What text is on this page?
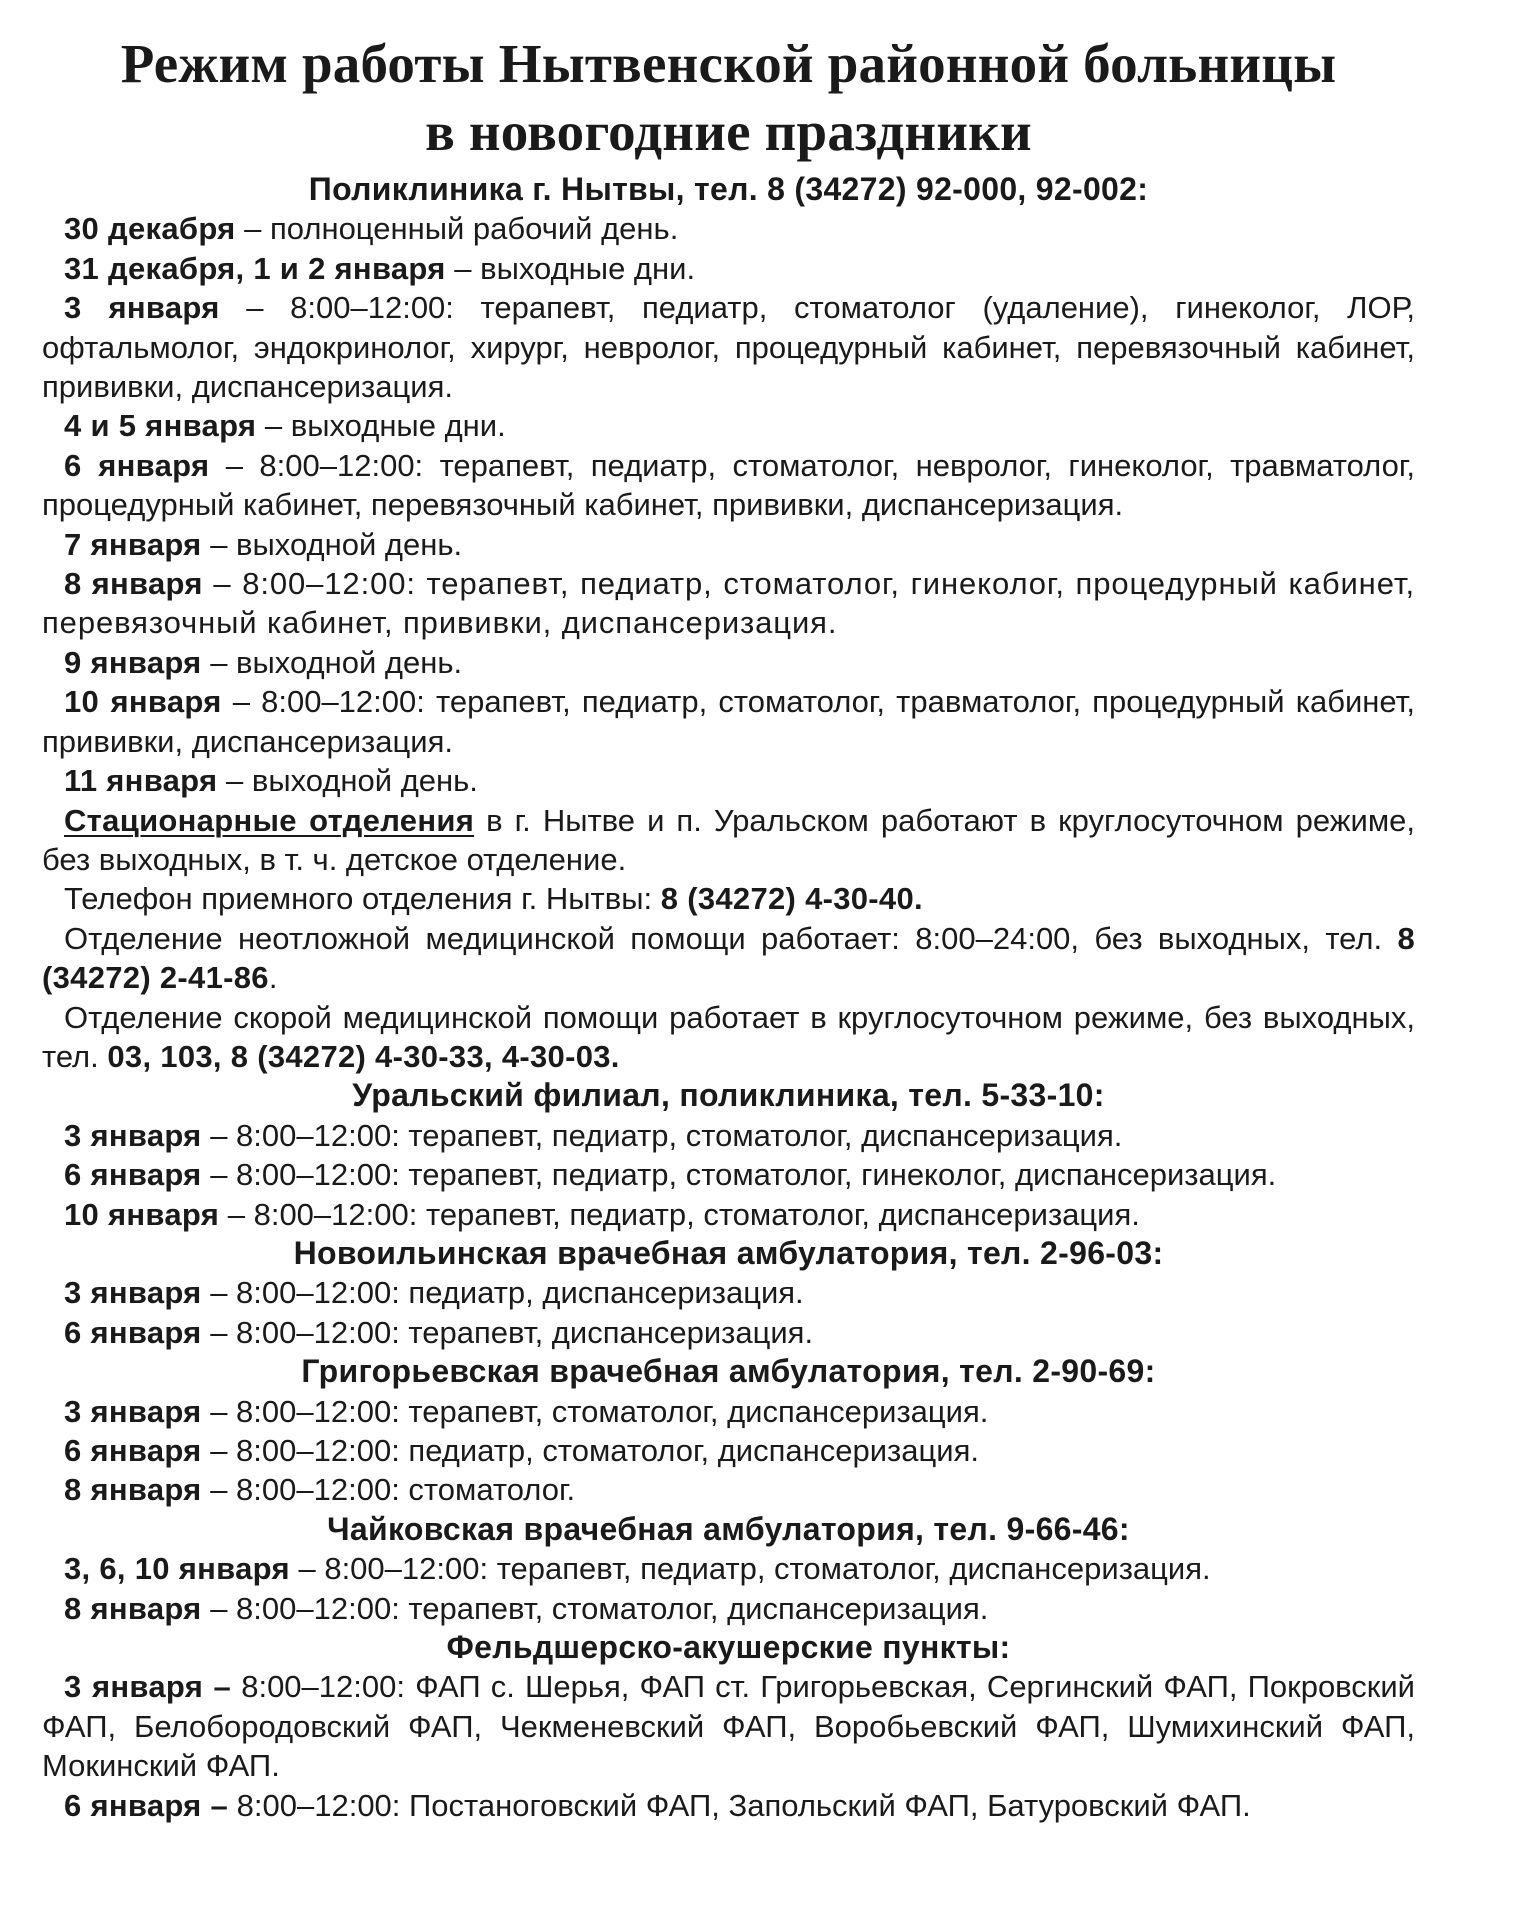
Режим работы Нытвенской районной больницы
в новогодние праздники
Поликлиника г. Нытвы, тел. 8 (34272) 92-000, 92-002:

30 декабря – полноценный рабочий день.

31 декабря, 1 и 2 января – выходные дни.

3 января – 8:00–12:00: терапевт, педиатр, стоматолог (удаление), гинеколог, ЛОР, офтальмолог, эндокринолог, хирург, невролог, процедурный кабинет, перевязочный кабинет, прививки, диспансеризация.

4 и 5 января – выходные дни.

6 января – 8:00–12:00: терапевт, педиатр, стоматолог, невролог, гинеколог, травматолог, процедурный кабинет, перевязочный кабинет, прививки, диспансеризация.

7 января – выходной день.

8 января – 8:00–12:00: терапевт, педиатр, стоматолог, гинеколог, процедурный кабинет, перевязочный кабинет, прививки, диспансеризация.

9 января – выходной день.

10 января – 8:00–12:00: терапевт, педиатр, стоматолог, травматолог, процедурный кабинет, прививки, диспансеризация.

11 января – выходной день.

Стационарные отделения в г. Нытве и п. Уральском работают в круглосуточном режиме, без выходных, в т. ч. детское отделение.

Телефон приемного отделения г. Нытвы: 8 (34272) 4-30-40.

Отделение неотложной медицинской помощи работает: 8:00–24:00, без выходных, тел. 8 (34272) 2-41-86.

Отделение скорой медицинской помощи работает в круглосуточном режиме, без выходных, тел. 03, 103, 8 (34272) 4-30-33, 4-30-03.

Уральский филиал, поликлиника, тел. 5-33-10:

3 января – 8:00–12:00: терапевт, педиатр, стоматолог, диспансеризация.

6 января – 8:00–12:00: терапевт, педиатр, стоматолог, гинеколог, диспансеризация.

10 января – 8:00–12:00: терапевт, педиатр, стоматолог, диспансеризация.

Новоильинская врачебная амбулатория, тел. 2-96-03:

3 января – 8:00–12:00: педиатр, диспансеризация.

6 января – 8:00–12:00: терапевт, диспансеризация.

Григорьевская врачебная амбулатория, тел. 2-90-69:

3 января – 8:00–12:00: терапевт, стоматолог, диспансеризация.

6 января – 8:00–12:00: педиатр, стоматолог, диспансеризация.

8 января – 8:00–12:00: стоматолог.

Чайковская врачебная амбулатория, тел. 9-66-46:

3, 6, 10 января – 8:00–12:00: терапевт, педиатр, стоматолог, диспансеризация.

8 января – 8:00–12:00: терапевт, стоматолог, диспансеризация.

Фельдшерско-акушерские пункты:

3 января – 8:00–12:00: ФАП с. Шерья, ФАП ст. Григорьевская, Сергинский ФАП, Покровский ФАП, Белобородовский ФАП, Чекменевский ФАП, Воробьевский ФАП, Шумихинский ФАП, Мокинский ФАП.

6 января – 8:00–12:00: Постаноговский ФАП, Запольский ФАП, Батуровский ФАП.
